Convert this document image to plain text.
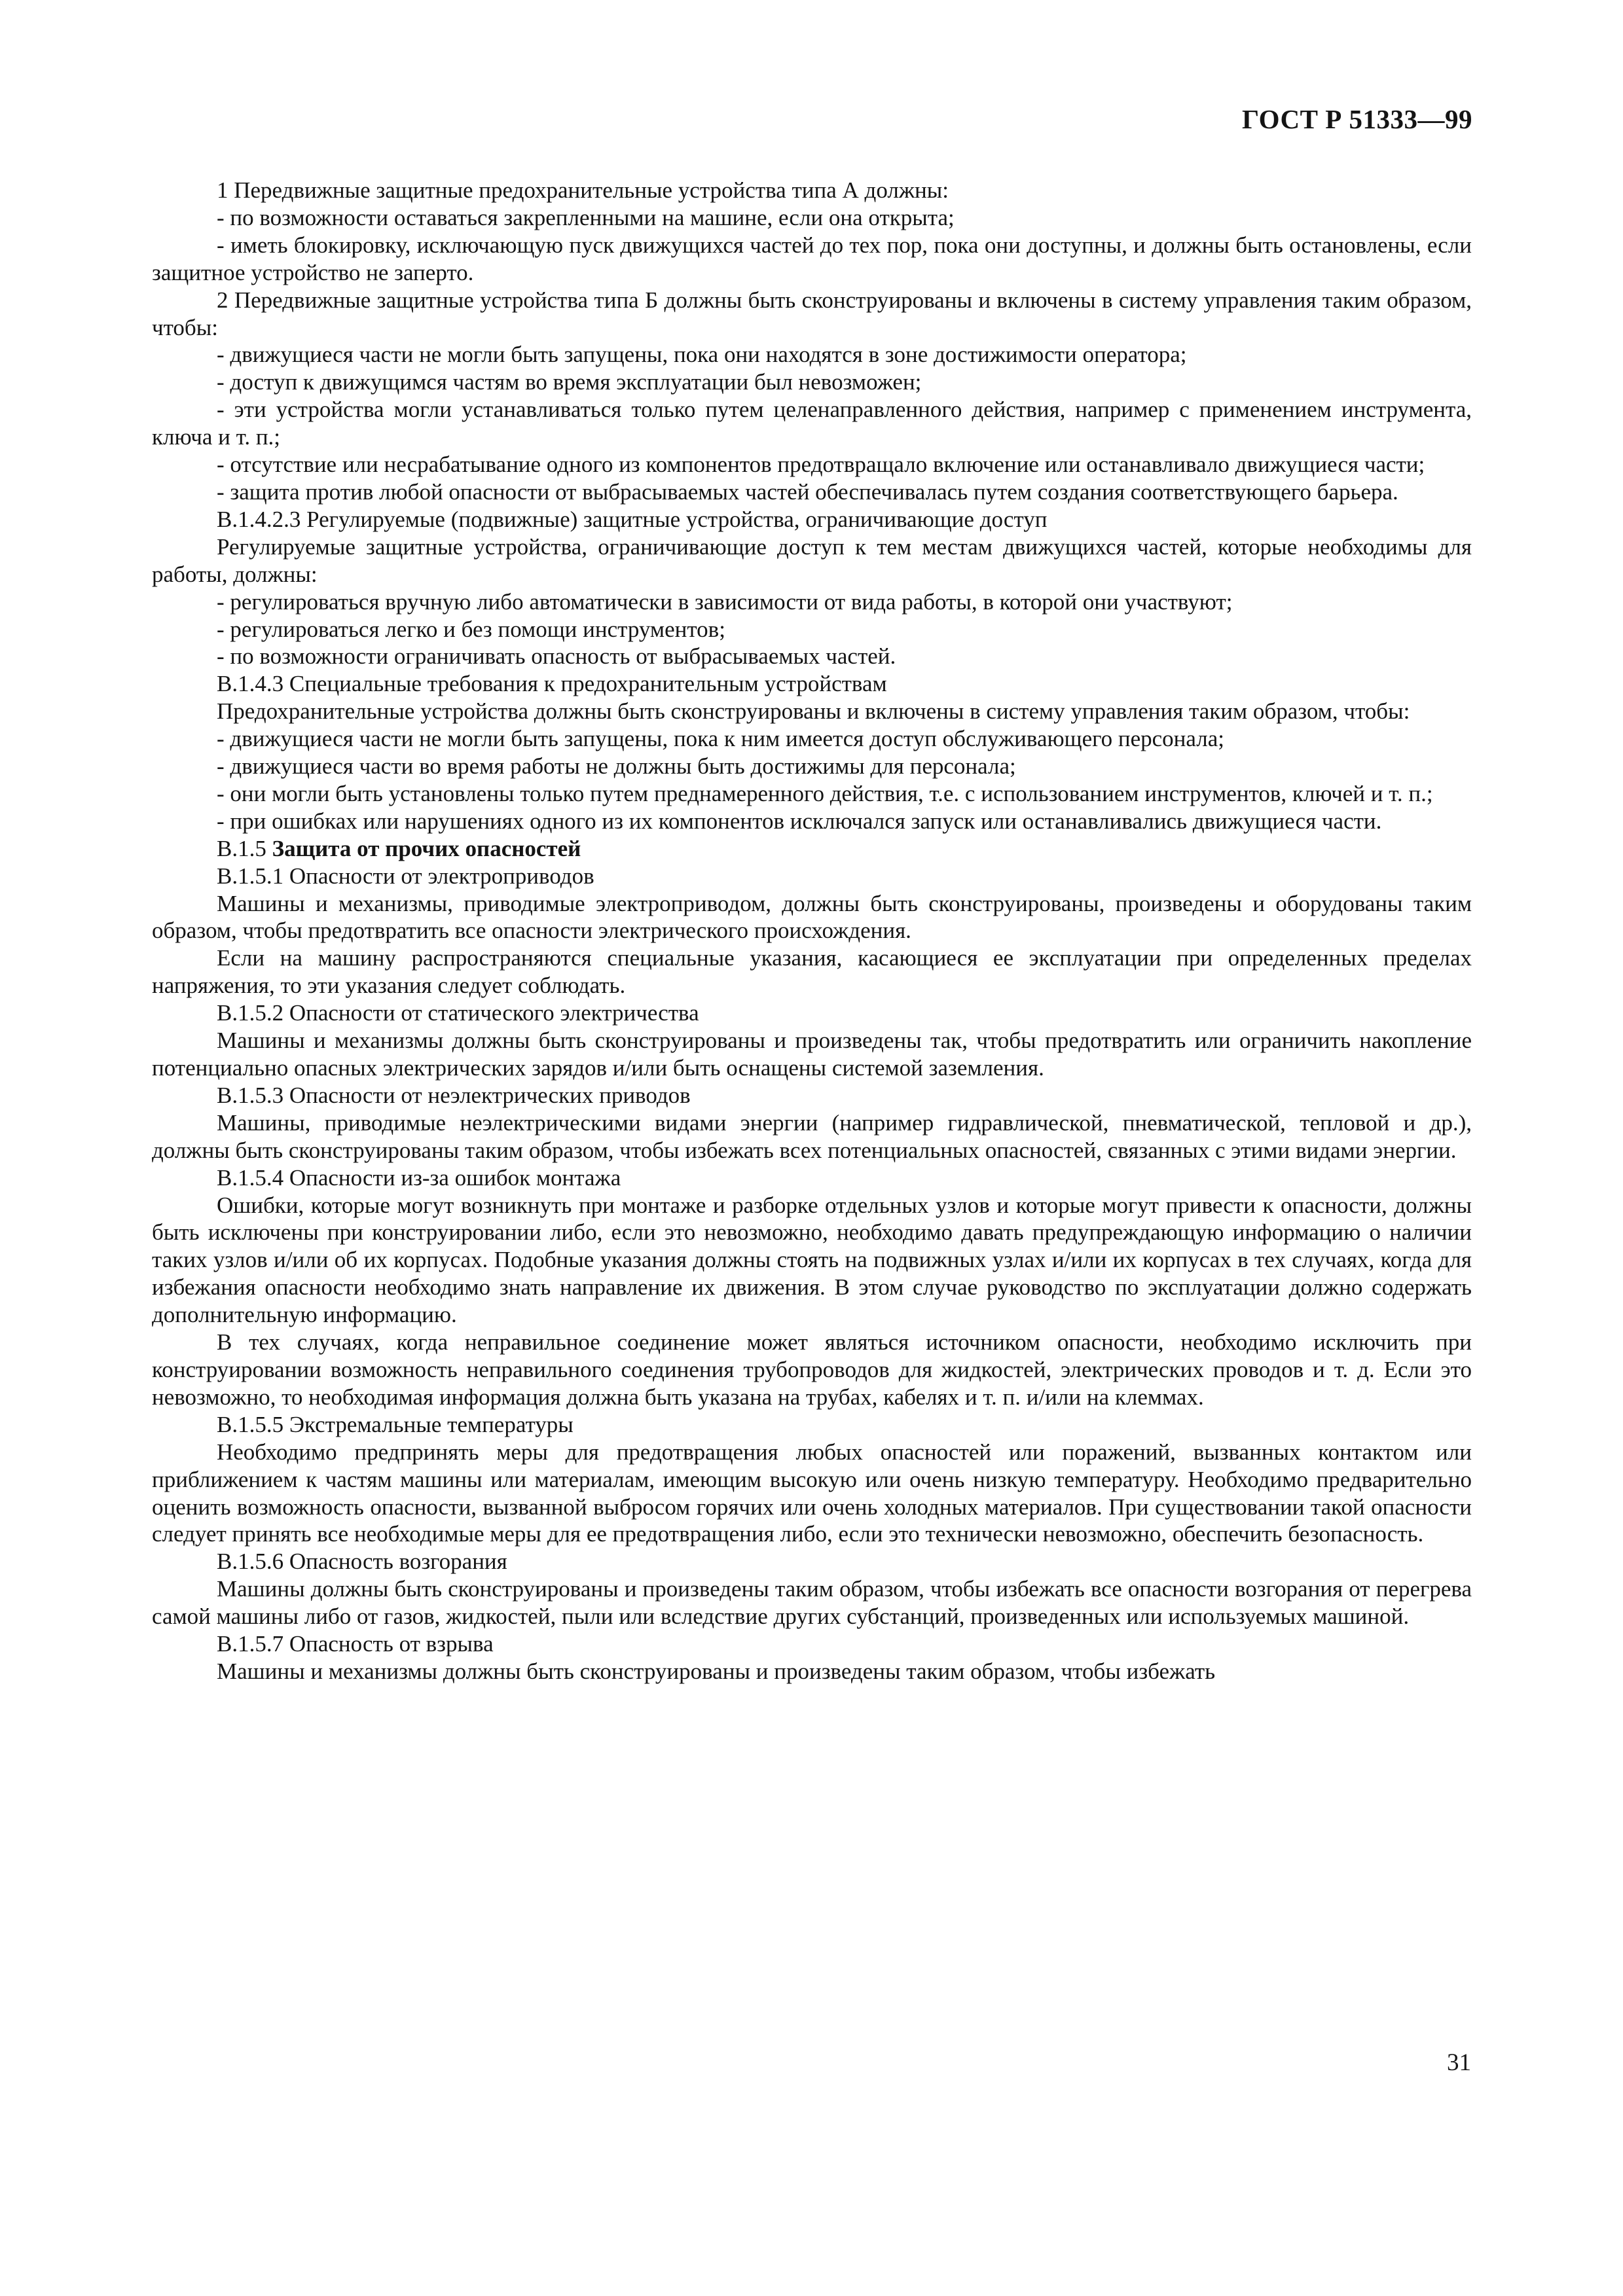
ГОСТ Р 51333—99

1 Передвижные защитные предохранительные устройства типа А должны:

- по возможности оставаться закрепленными на машине, если она открыта;

- иметь блокировку, исключающую пуск движущихся частей до тех пор, пока они доступны, и должны быть остановлены, если защитное устройство не заперто.

2 Передвижные защитные устройства типа Б должны быть сконструированы и включены в систему управления таким образом, чтобы:

- движущиеся части не могли быть запущены, пока они находятся в зоне достижимости оператора;

- доступ к движущимся частям во время эксплуатации был невозможен;

- эти устройства могли устанавливаться только путем целенаправленного действия, например с применением инструмента, ключа и т. п.;

- отсутствие или несрабатывание одного из компонентов предотвращало включение или останавливало движущиеся части;

- защита против любой опасности от выбрасываемых частей обеспечивалась путем создания соответствующего барьера.

В.1.4.2.3 Регулируемые (подвижные) защитные устройства, ограничивающие доступ

Регулируемые защитные устройства, ограничивающие доступ к тем местам движущихся частей, которые необходимы для работы, должны:

- регулироваться вручную либо автоматически в зависимости от вида работы, в которой они участвуют;

- регулироваться легко и без помощи инструментов;

- по возможности ограничивать опасность от выбрасываемых частей.

В.1.4.3 Специальные требования к предохранительным устройствам

Предохранительные устройства должны быть сконструированы и включены в систему управления таким образом, чтобы:

- движущиеся части не могли быть запущены, пока к ним имеется доступ обслуживающего персонала;

- движущиеся части во время работы не должны быть достижимы для персонала;

- они могли быть установлены только путем преднамеренного действия, т.е. с использованием инструментов, ключей и т. п.;

- при ошибках или нарушениях одного из их компонентов исключался запуск или останавливались движущиеся части.

В.1.5 Защита от прочих опасностей

В.1.5.1 Опасности от электроприводов

Машины и механизмы, приводимые электроприводом, должны быть сконструированы, произведены и оборудованы таким образом, чтобы предотвратить все опасности электрического происхождения.

Если на машину распространяются специальные указания, касающиеся ее эксплуатации при определенных пределах напряжения, то эти указания следует соблюдать.

В.1.5.2 Опасности от статического электричества

Машины и механизмы должны быть сконструированы и произведены так, чтобы предотвратить или ограничить накопление потенциально опасных электрических зарядов и/или быть оснащены системой заземления.

В.1.5.3 Опасности от неэлектрических приводов

Машины, приводимые неэлектрическими видами энергии (например гидравлической, пневматической, тепловой и др.), должны быть сконструированы таким образом, чтобы избежать всех потенциальных опасностей, связанных с этими видами энергии.

В.1.5.4 Опасности из-за ошибок монтажа

Ошибки, которые могут возникнуть при монтаже и разборке отдельных узлов и которые могут привести к опасности, должны быть исключены при конструировании либо, если это невозможно, необходимо давать предупреждающую информацию о наличии таких узлов и/или об их корпусах. Подобные указания должны стоять на подвижных узлах и/или их корпусах в тех случаях, когда для избежания опасности необходимо знать направление их движения. В этом случае руководство по эксплуатации должно содержать дополнительную информацию.

В тех случаях, когда неправильное соединение может являться источником опасности, необходимо исключить при конструировании возможность неправильного соединения трубопроводов для жидкостей, электрических проводов и т. д. Если это невозможно, то необходимая информация должна быть указана на трубах, кабелях и т. п. и/или на клеммах.

В.1.5.5 Экстремальные температуры

Необходимо предпринять меры для предотвращения любых опасностей или поражений, вызванных контактом или приближением к частям машины или материалам, имеющим высокую или очень низкую температуру. Необходимо предварительно оценить возможность опасности, вызванной выбросом горячих или очень холодных материалов. При существовании такой опасности следует принять все необходимые меры для ее предотвращения либо, если это технически невозможно, обеспечить безопасность.

В.1.5.6 Опасность возгорания

Машины должны быть сконструированы и произведены таким образом, чтобы избежать все опасности возгорания от перегрева самой машины либо от газов, жидкостей, пыли или вследствие других субстанций, произведенных или используемых машиной.

В.1.5.7 Опасность от взрыва

Машины и механизмы должны быть сконструированы и произведены таким образом, чтобы избежать

31
